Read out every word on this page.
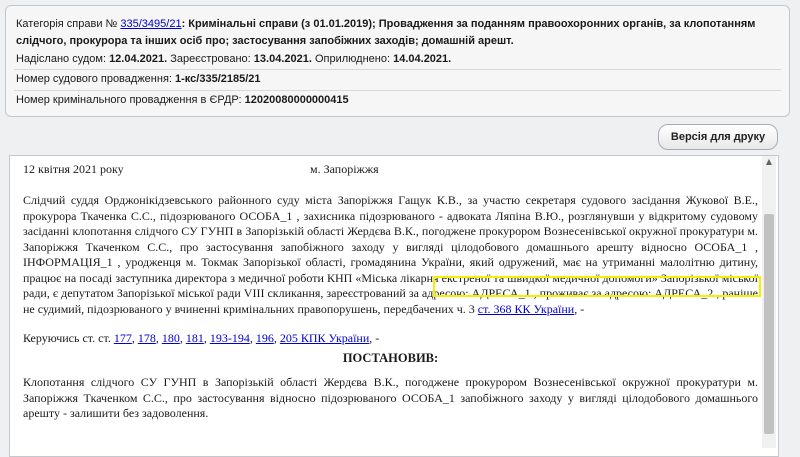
Категорія справи № 335/3495/21: Кримінальні справи (з 01.01.2019); Провадження за поданням правоохоронних органів, за клопотанням слідчого, прокурора та інших осіб про; застосування запобіжних заходів; домашній арешт.
Надіслано судом: 12.04.2021. Зареєстровано: 13.04.2021. Оприлюднено: 14.04.2021.
Номер судового провадження: 1-кс/335/2185/21
Номер кримінального провадження в ЄРДР: 12020080000000415
Версія для друку
12 квітня 2021 року	м. Запоріжжя

Слідчий суддя Орджонікідзевського районного суду міста Запоріжжя Гащук К.В., за участю секретаря судового засідання Жукової В.Е., прокурора Ткаченка С.С., підозрюваного ОСОБА_1 , захисника підозрюваного - адвоката Ляпіна В.Ю., розглянувши у відкритому судовому засіданні клопотання слідчого СУ ГУНП в Запорізькій області Жердєва В.К., погоджене прокурором Вознесенівської окружної прокуратури м. Запоріжжя Ткаченком С.С., про застосування запобіжного заходу у вигляді цілодобового домашнього арешту відносно ОСОБА_1 , ІНФОРМАЦІЯ_1 , уродженця м. Токмак Запорізької області, громадянина України, який одружений, має на утриманні малолітню дитину, працює на посаді заступника директора з медичної роботи КНП «Міська лікарня екстреної та швидкої медичної допомоги» Запорізької міської ради, є депутатом Запорізької міської ради VIII скликання, зареєстрований за адресою: АДРЕСА_1 , проживає за адресою: АДРЕСА_2 , раніше не судимий, підозрюваного у вчиненні кримінальних правопорушень, передбачених ч. 3 ст. 368 КК України, -

Керуючись ст. ст. 177, 178, 180, 181, 193-194, 196, 205 КПК України, -

ПОСТАНОВИВ:

Клопотання слідчого СУ ГУНП в Запорізькій області Жердєва В.К., погоджене прокурором Вознесенівської окружної прокуратури м. Запоріжжя Ткаченком С.С., про застосування відносно підозрюваного ОСОБА_1 запобіжного заходу у вигляді цілодобового домашнього арешту - залишити без задоволення.

▲
